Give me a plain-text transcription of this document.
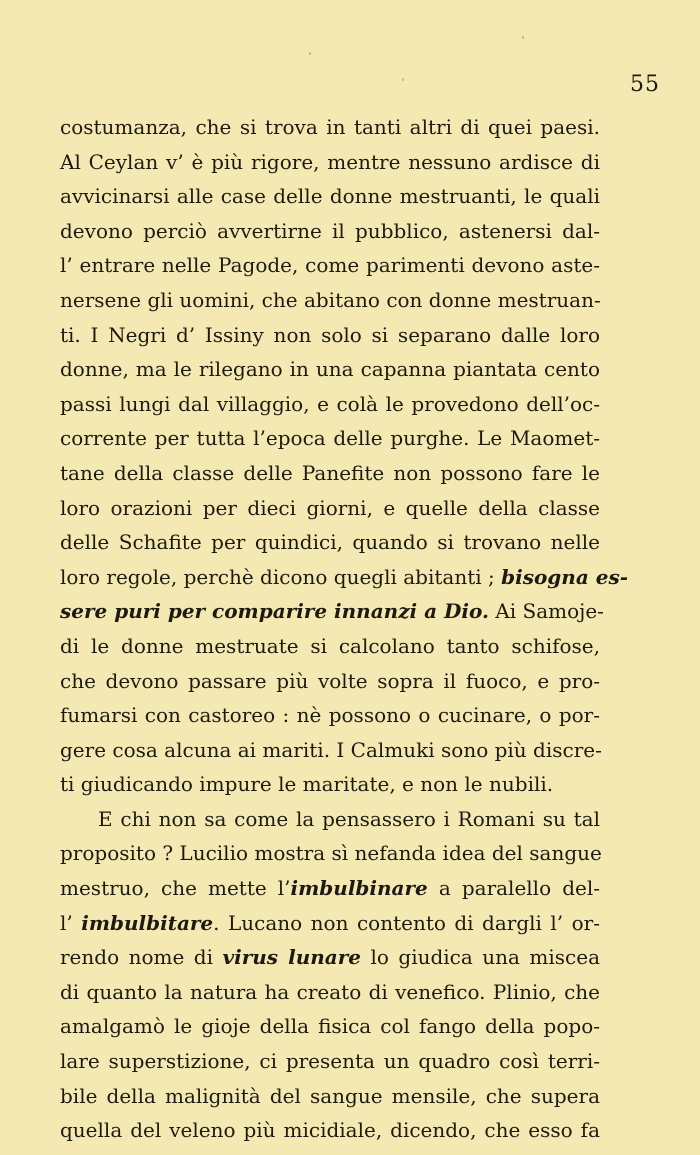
55
costumanza, che si trova in tanti altri di quei paesi.
Al Ceylan v’ è più rigore, mentre nessuno ardisce di
avvicinarsi alle case delle donne mestruanti, le quali
devono perciò avvertirne il pubblico, astenersi dal-
l’ entrare nelle Pagode, come parimenti devono aste-
nersene gli uomini, che abitano con donne mestruan-
ti. I Negri d’ Issiny non solo si separano dalle loro
donne, ma le rilegano in una capanna piantata cento
passi lungi dal villaggio, e colà le provedono dell’oc-
corrente per tutta l’epoca delle purghe. Le Maomet-
tane della classe delle Panefite non possono fare le
loro orazioni per dieci giorni, e quelle della classe
delle Schafite per quindici, quando si trovano nelle
loro regole, perchè dicono quegli abitanti ; bisogna es-
sere puri per comparire innanzi a Dio. Ai Samoje-
di le donne mestruate si calcolano tanto schifose,
che devono passare più volte sopra il fuoco, e pro-
fumarsi con castoreo : nè possono o cucinare, o por-
gere cosa alcuna ai mariti. I Calmuki sono più discre-
ti giudicando impure le maritate, e non le nubili.
E chi non sa come la pensassero i Romani su tal
proposito ? Lucilio mostra sì nefanda idea del sangue
mestruo, che mette l’imbulbinare a paralello del-
l’ imbulbitare. Lucano non contento di dargli l’ or-
rendo nome di virus lunare lo giudica una miscea
di quanto la natura ha creato di venefico. Plinio, che
amalgamò le gioje della fisica col fango della popo-
lare superstizione, ci presenta un quadro così terri-
bile della malignità del sangue mensile, che supera
quella del veleno più micidiale, dicendo, che esso fa
